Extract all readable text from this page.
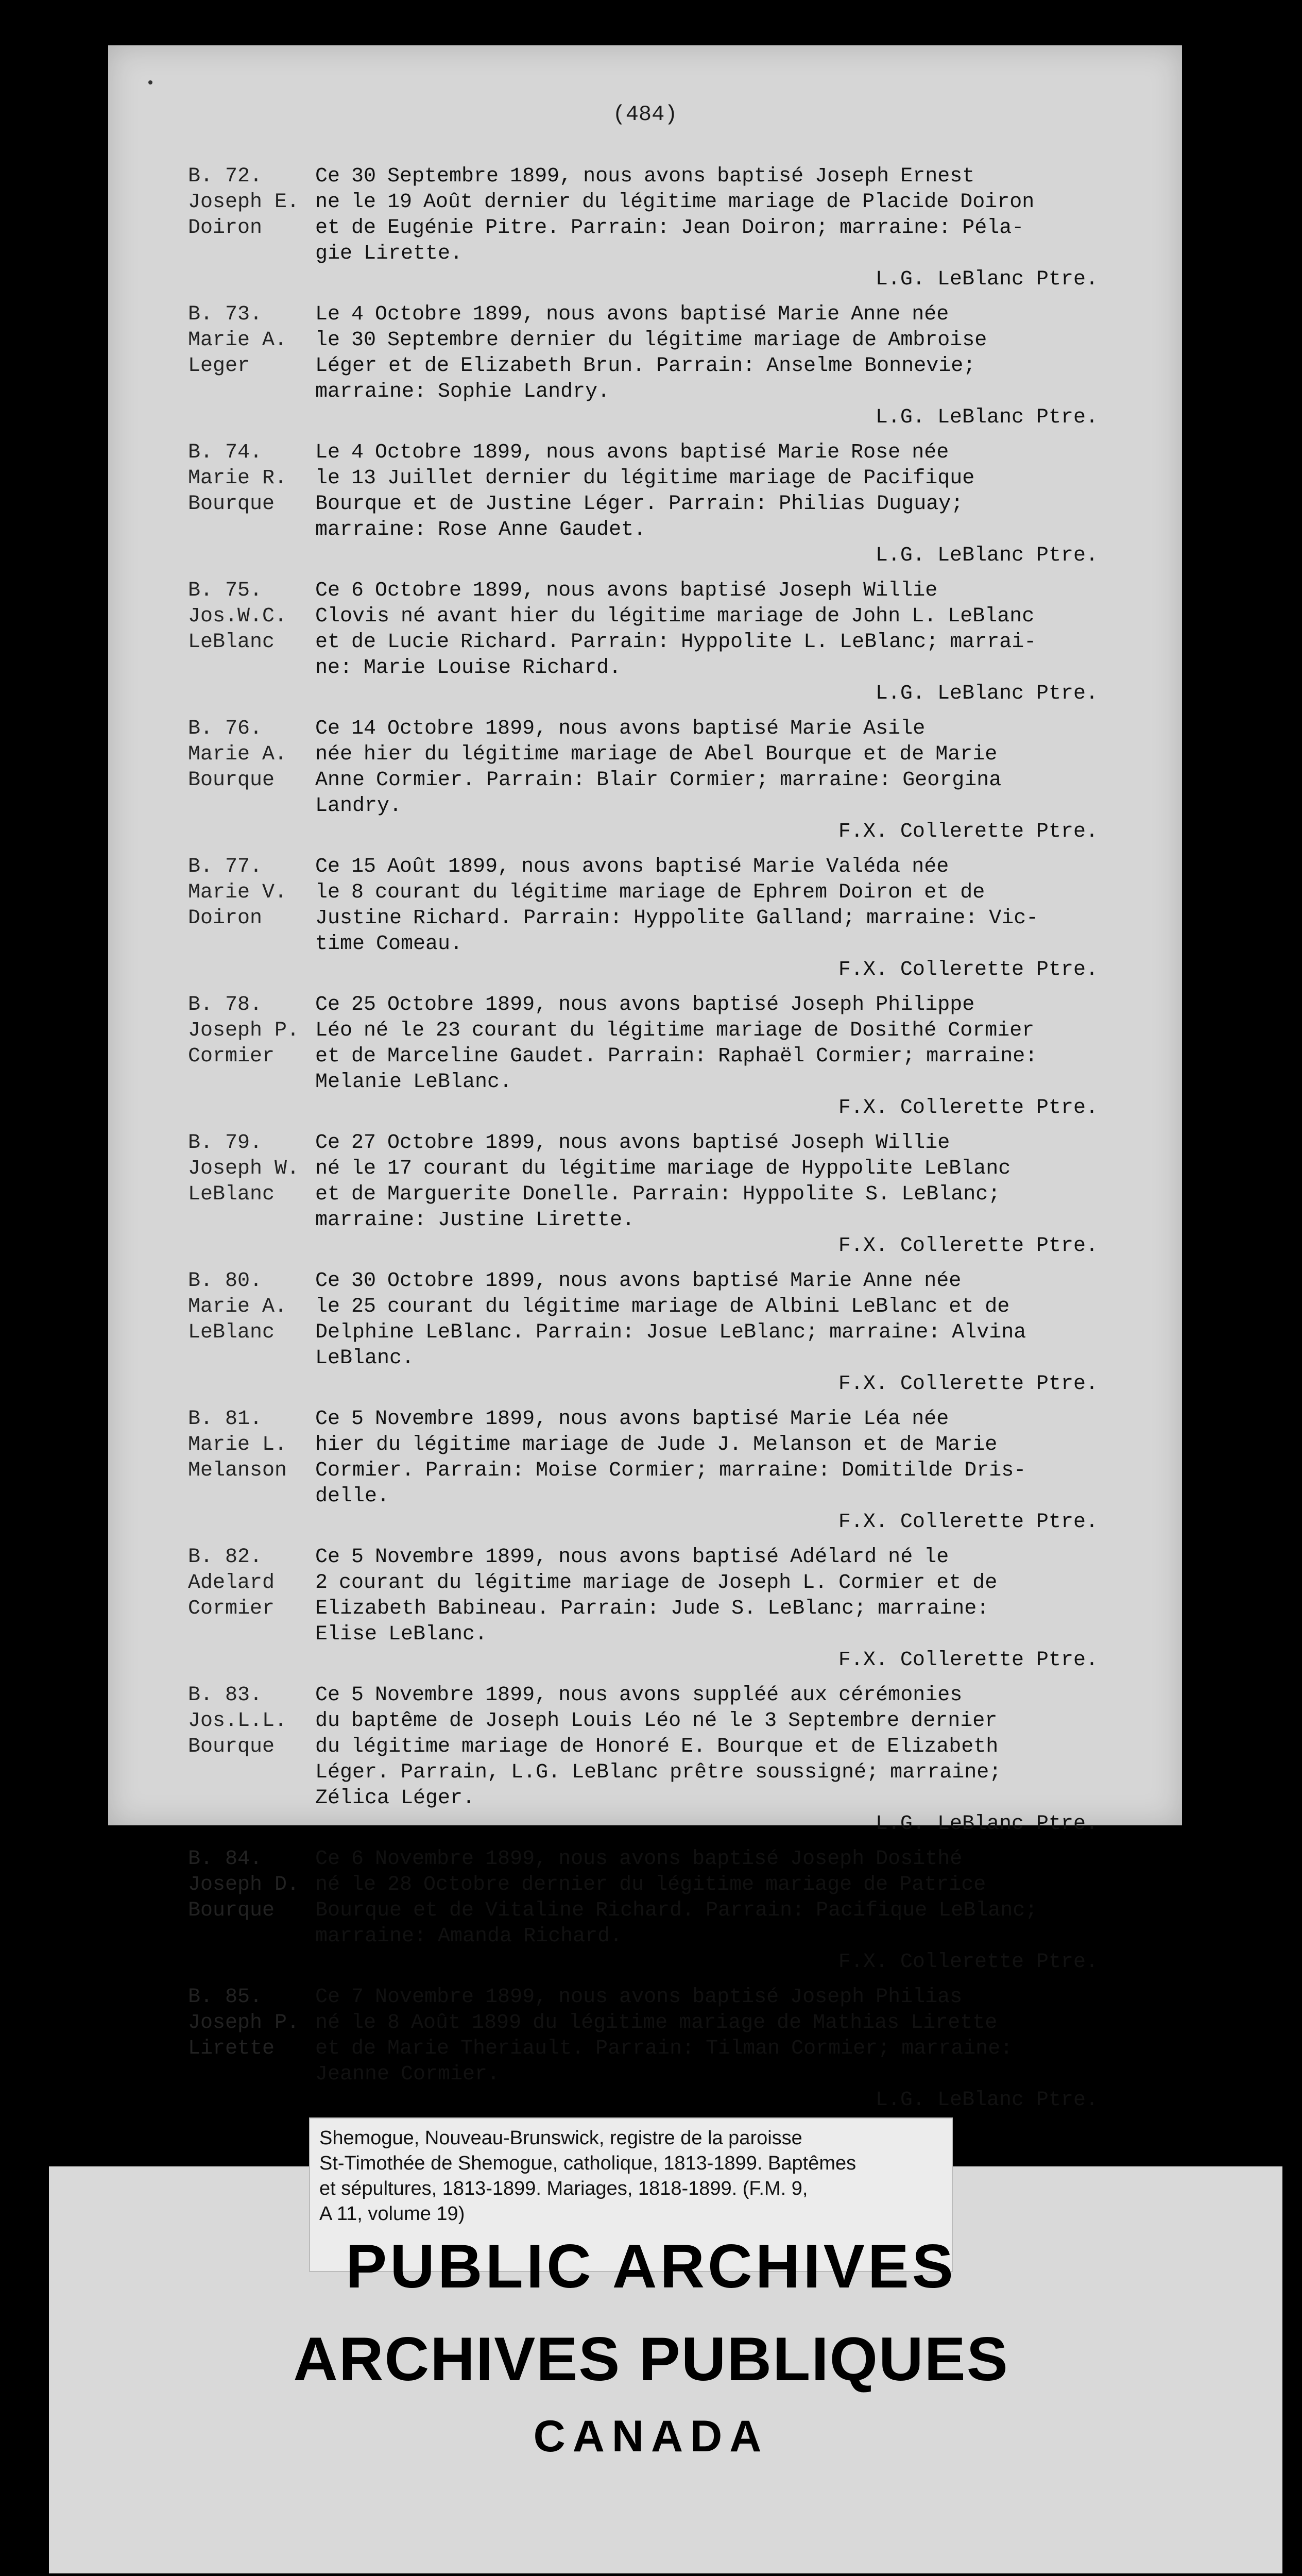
(484)
B. 72.
Joseph E.
Doiron
Ce 30 Septembre 1899, nous avons baptisé Joseph Ernest
ne le 19 Août dernier du légitime mariage de Placide Doiron
et de Eugénie Pitre. Parrain: Jean Doiron; marraine: Péla-
gie Lirette.
L.G. LeBlanc Ptre.
B. 73.
Marie A.
Leger
Le 4 Octobre 1899, nous avons baptisé Marie Anne née
le 30 Septembre dernier du légitime mariage de Ambroise
Léger et de Elizabeth Brun. Parrain: Anselme Bonnevie;
marraine: Sophie Landry.
L.G. LeBlanc Ptre.
B. 74.
Marie R.
Bourque
Le 4 Octobre 1899, nous avons baptisé Marie Rose née
le 13 Juillet dernier du légitime mariage de Pacifique
Bourque et de Justine Léger. Parrain: Philias Duguay;
marraine: Rose Anne Gaudet.
L.G. LeBlanc Ptre.
B. 75.
Jos.W.C.
LeBlanc
Ce 6 Octobre 1899, nous avons baptisé Joseph Willie
Clovis né avant hier du légitime mariage de John L. LeBlanc
et de Lucie Richard. Parrain: Hyppolite L. LeBlanc; marrai-
ne: Marie Louise Richard.
L.G. LeBlanc Ptre.
B. 76.
Marie A.
Bourque
Ce 14 Octobre 1899, nous avons baptisé Marie Asile
née hier du légitime mariage de Abel Bourque et de Marie
Anne Cormier. Parrain: Blair Cormier; marraine: Georgina
Landry.
F.X. Collerette Ptre.
B. 77.
Marie V.
Doiron
Ce 15 Août 1899, nous avons baptisé Marie Valéda née
le 8 courant du légitime mariage de Ephrem Doiron et de
Justine Richard. Parrain: Hyppolite Galland; marraine: Vic-
time Comeau.
F.X. Collerette Ptre.
B. 78.
Joseph P.
Cormier
Ce 25 Octobre 1899, nous avons baptisé Joseph Philippe
Léo né le 23 courant du légitime mariage de Dosithé Cormier
et de Marceline Gaudet. Parrain: Raphaël Cormier; marraine:
Melanie LeBlanc.
F.X. Collerette Ptre.
B. 79.
Joseph W.
LeBlanc
Ce 27 Octobre 1899, nous avons baptisé Joseph Willie
né le 17 courant du légitime mariage de Hyppolite LeBlanc
et de Marguerite Donelle. Parrain: Hyppolite S. LeBlanc;
marraine: Justine Lirette.
F.X. Collerette Ptre.
B. 80.
Marie A.
LeBlanc
Ce 30 Octobre 1899, nous avons baptisé Marie Anne née
le 25 courant du légitime mariage de Albini LeBlanc et de
Delphine LeBlanc. Parrain: Josue LeBlanc; marraine: Alvina
LeBlanc.
F.X. Collerette Ptre.
B. 81.
Marie L.
Melanson
Ce 5 Novembre 1899, nous avons baptisé Marie Léa née
hier du légitime mariage de Jude J. Melanson et de Marie
Cormier. Parrain: Moise Cormier; marraine: Domitilde Dris-
delle.
F.X. Collerette Ptre.
B. 82.
Adelard
Cormier
Ce 5 Novembre 1899, nous avons baptisé Adélard né le
2 courant du légitime mariage de Joseph L. Cormier et de
Elizabeth Babineau. Parrain: Jude S. LeBlanc; marraine:
Elise LeBlanc.
F.X. Collerette Ptre.
B. 83.
Jos.L.L.
Bourque
Ce 5 Novembre 1899, nous avons suppléé aux cérémonies
du baptême de Joseph Louis Léo né le 3 Septembre dernier
du légitime mariage de Honoré E. Bourque et de Elizabeth
Léger. Parrain, L.G. LeBlanc prêtre soussigné; marraine;
Zélica Léger.
L.G. LeBlanc Ptre.
B. 84.
Joseph D.
Bourque
Ce 6 Novembre 1899, nous avons baptisé Joseph Dosithé
né le 28 Octobre dernier du légitime mariage de Patrice
Bourque et de Vitaline Richard. Parrain: Pacifique LeBlanc;
marraine: Amanda Richard.
F.X. Collerette Ptre.
B. 85.
Joseph P.
Lirette
Ce 7 Novembre 1899, nous avons baptisé Joseph Philias
né le 8 Août 1899 du légitime mariage de Mathias Lirette
et de Marie Theriault. Parrain: Tilman Cormier; marraine:
Jeanne Cormier.
L.G. LeBlanc Ptre.
Shemogue, Nouveau-Brunswick, registre de la paroisse
St-Timothée de Shemogue, catholique, 1813-1899. Baptêmes
et sépultures, 1813-1899. Mariages, 1818-1899. (F.M. 9,
A 11, volume 19)
PUBLIC ARCHIVES
ARCHIVES PUBLIQUES
CANADA
